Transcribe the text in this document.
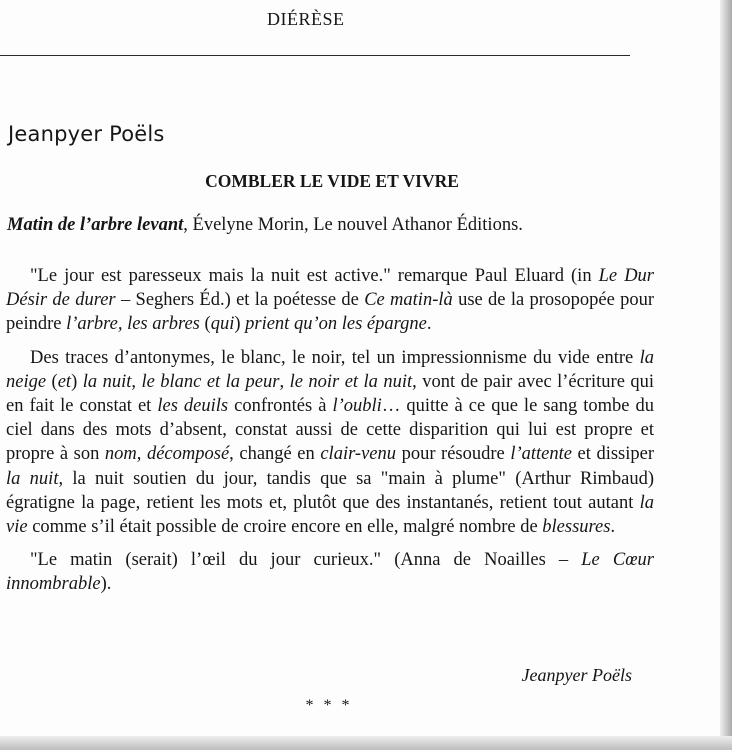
DIÉRÈSE
Jeanpyer Poëls
COMBLER LE VIDE ET VIVRE

Matin de l’arbre levant, Évelyne Morin, Le nouvel Athanor Éditions.

"Le jour est paresseux mais la nuit est active." remarque Paul Eluard (in Le Dur Désir de durer – Seghers Éd.) et la poétesse de Ce matin-là use de la prosopopée pour peindre l’arbre, les arbres (qui) prient qu’on les épargne.

Des traces d’antonymes, le blanc, le noir, tel un impressionnisme du vide entre la neige (et) la nuit, le blanc et la peur, le noir et la nuit, vont de pair avec l’écriture qui en fait le constat et les deuils confrontés à l’oubli… quitte à ce que le sang tombe du ciel dans des mots d’absent, constat aussi de cette disparition qui lui est propre et propre à son nom, décomposé, changé en clair-venu pour résoudre l’attente et dissiper la nuit, la nuit soutien du jour, tandis que sa "main à plume" (Arthur Rimbaud) égratigne la page, retient les mots et, plutôt que des instantanés, retient tout autant la vie comme s’il était possible de croire encore en elle, malgré nombre de blessures.

"Le matin (serait) l’œil du jour curieux." (Anna de Noailles – Le Cœur innombrable).

Jeanpyer Poëls

* * *
